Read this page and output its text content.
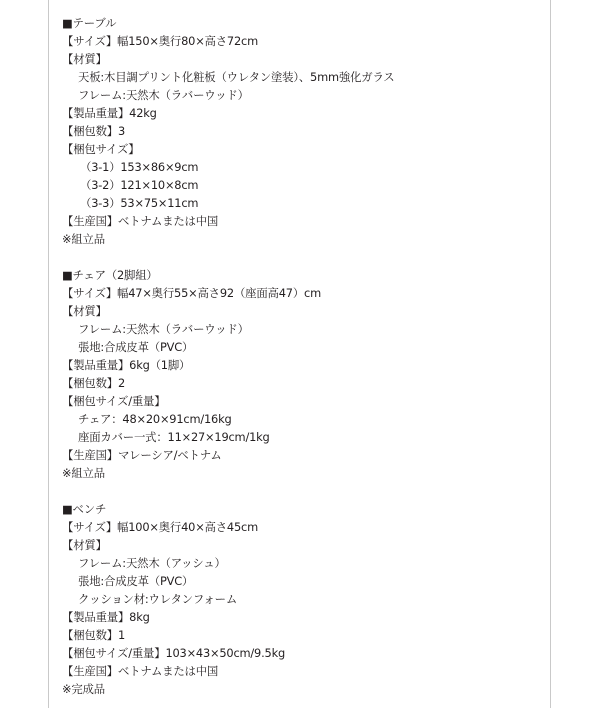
■テーブル
【サイズ】幅150×奥行80×高さ72cm
【材質】
天板:木目調プリント化粧板（ウレタン塗装）、5mm強化ガラス
フレーム:天然木（ラバーウッド）
【製品重量】42kg
【梱包数】3
【梱包サイズ】
（3-1）153×86×9cm
（3-2）121×10×8cm
（3-3）53×75×11cm
【生産国】ベトナムまたは中国
※組立品
■チェア（2脚組）
【サイズ】幅47×奥行55×高さ92（座面高47）cm
【材質】
フレーム:天然木（ラバーウッド）
張地:合成皮革（PVC）
【製品重量】6kg（1脚）
【梱包数】2
【梱包サイズ/重量】
チェア：48×20×91cm/16kg
座面カバー一式：11×27×19cm/1kg
【生産国】マレーシア/ベトナム
※組立品
■ベンチ
【サイズ】幅100×奥行40×高さ45cm
【材質】
フレーム:天然木（アッシュ）
張地:合成皮革（PVC）
クッション材:ウレタンフォーム
【製品重量】8kg
【梱包数】1
【梱包サイズ/重量】103×43×50cm/9.5kg
【生産国】ベトナムまたは中国
※完成品
